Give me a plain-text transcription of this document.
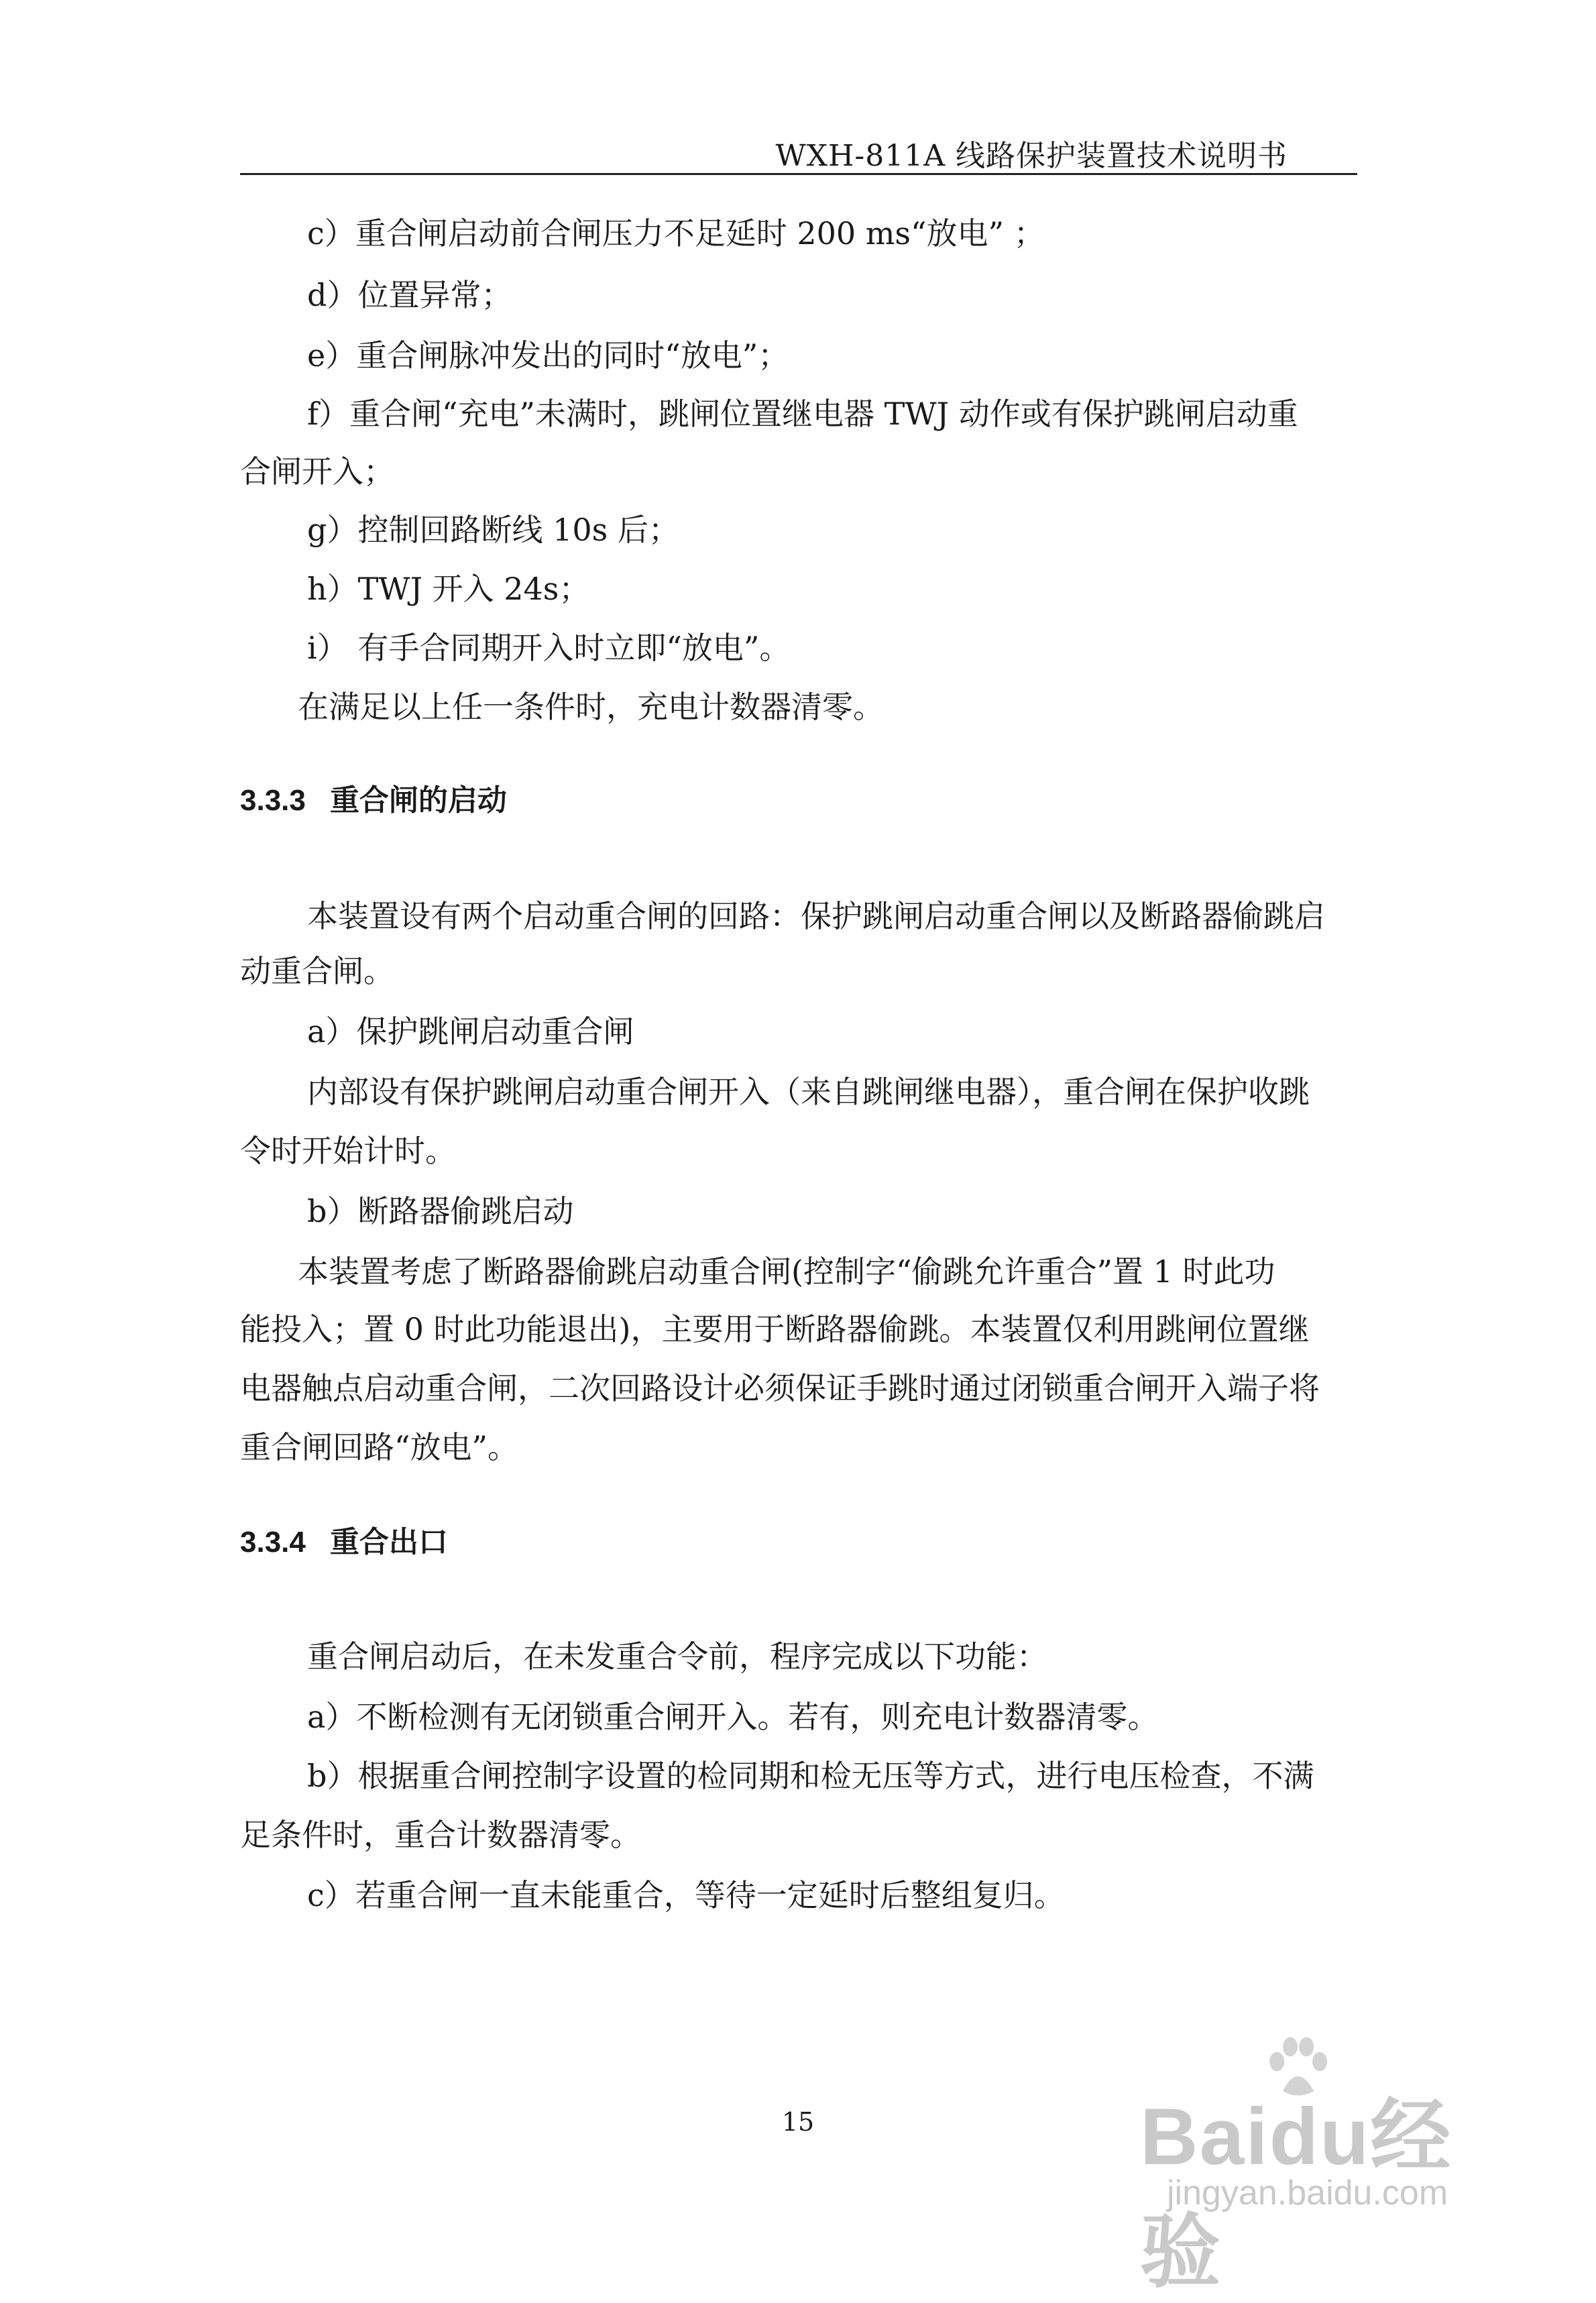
WXH-811A 线路保护装置技术说明书
c）重合闸启动前合闸压力不足延时 200 ms“放电” ；
d）位置异常；
e）重合闸脉冲发出的同时“放电”；
f）重合闸“充电”未满时，跳闸位置继电器 TWJ 动作或有保护跳闸启动重
合闸开入；
g）控制回路断线 10s 后；
h）TWJ 开入 24s；
i） 有手合同期开入时立即“放电”。
在满足以上任一条件时，充电计数器清零。
3.3.3 重合闸的启动
本装置设有两个启动重合闸的回路：保护跳闸启动重合闸以及断路器偷跳启
动重合闸。
a）保护跳闸启动重合闸
内部设有保护跳闸启动重合闸开入（来自跳闸继电器），重合闸在保护收跳
令时开始计时。
b）断路器偷跳启动
本装置考虑了断路器偷跳启动重合闸(控制字“偷跳允许重合”置 1 时此功
能投入；置 0 时此功能退出)，主要用于断路器偷跳。本装置仅利用跳闸位置继
电器触点启动重合闸，二次回路设计必须保证手跳时通过闭锁重合闸开入端子将
重合闸回路“放电”。
3.3.4 重合出口
重合闸启动后，在未发重合令前，程序完成以下功能：
a）不断检测有无闭锁重合闸开入。若有，则充电计数器清零。
b）根据重合闸控制字设置的检同期和检无压等方式，进行电压检查，不满
足条件时，重合计数器清零。
c）若重合闸一直未能重合，等待一定延时后整组复归。
15	Baidu经验
jingyan.baidu.com
